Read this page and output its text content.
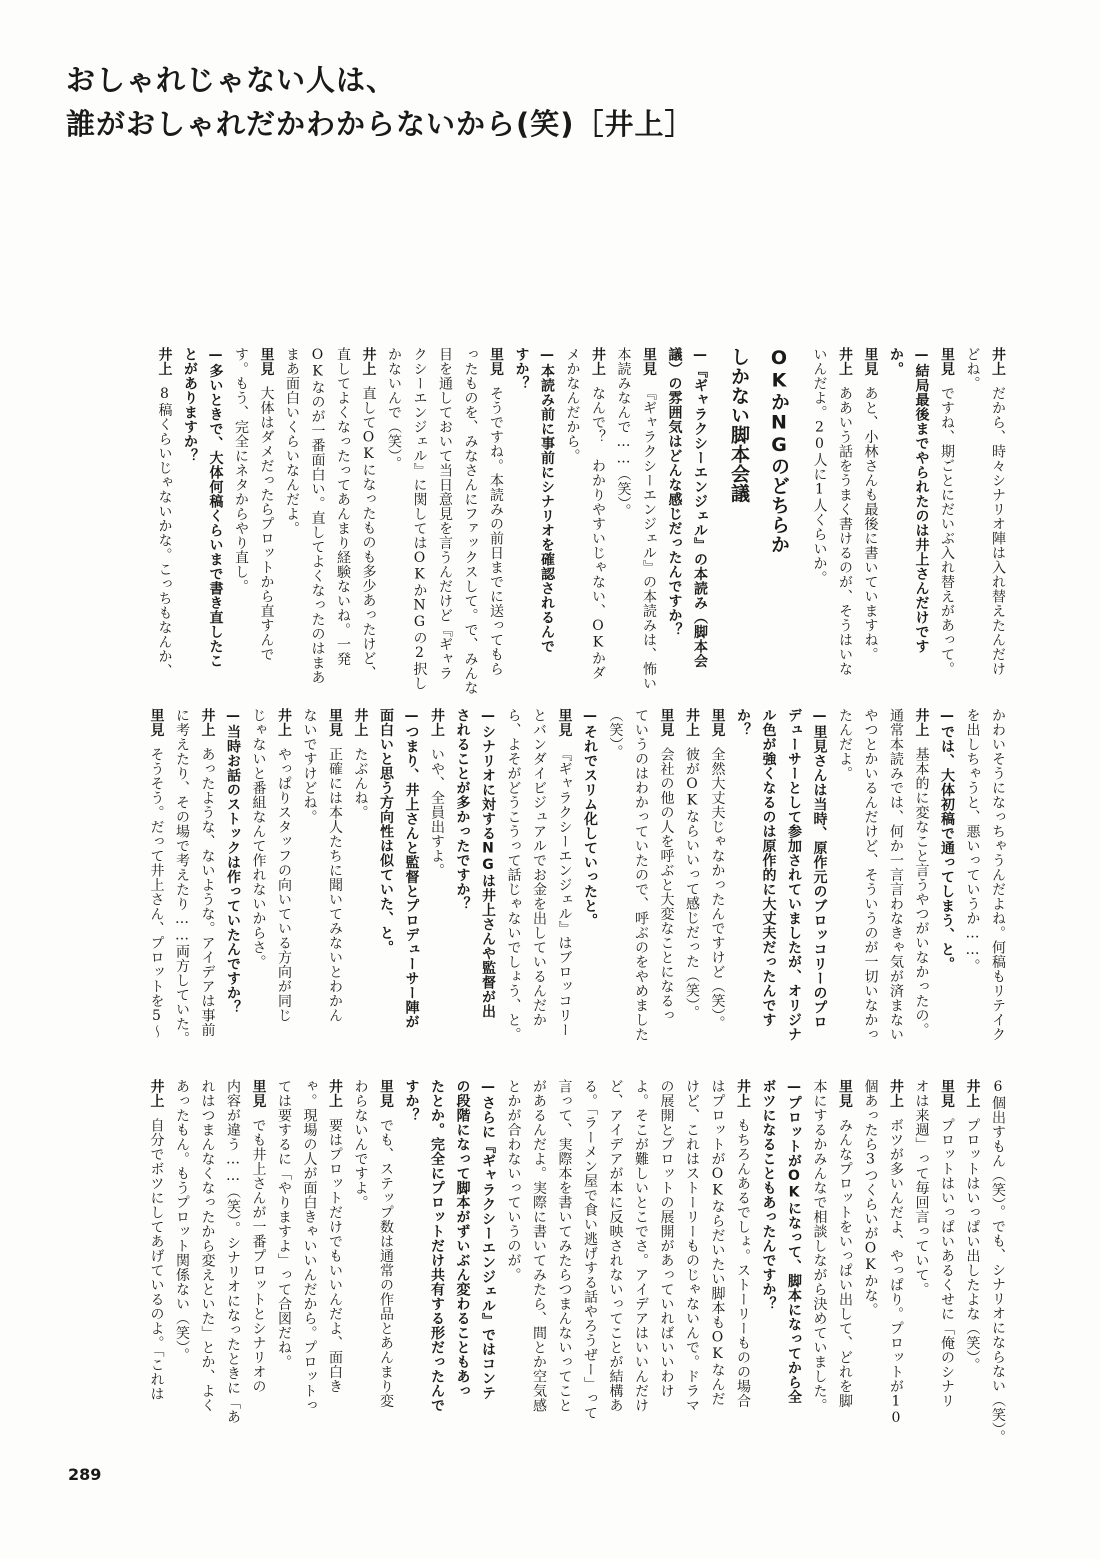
おしゃれじゃない人は、
誰がおしゃれだかわからないから(笑)［井上］
井上だから、時々シナリオ陣は入れ替えたんだけ
どね。
里見ですね、期ごとにだいぶ入れ替えがあって。
—結局最後までやられたのは井上さんだけです
か。
里見あと、小林さんも最後に書いていますね。
井上ああいう話をうまく書けるのが、そうはいな
いんだよ。20人に1人くらいか。
OKかNGのどちらか
しかない脚本会議
—『ギャラクシーエンジェル』の本読み（脚本会
議）の雰囲気はどんな感じだったんですか？
里見『ギャラクシーエンジェル』の本読みは、怖い
本読みなんで……（笑）。
井上なんで？　わかりやすいじゃない、OKかダ
メかなんだから。
—本読み前に事前にシナリオを確認されるんで
すか？
里見そうですね。本読みの前日までに送ってもら
ったものを、みなさんにファックスして。で、みんな
目を通しておいて当日意見を言うんだけど『ギャラ
クシーエンジェル』に関してはOKかNGの2択し
かないんで（笑）。
井上直してOKになったものも多少あったけど、
直してよくなったってあんまり経験ないね。一発
OKなのが一番面白い。直してよくなったのはまあ
まあ面白いくらいなんだよ。
里見大体はダメだったらプロットから直すんで
す。もう、完全にネタからやり直し。
—多いときで、大体何稿くらいまで書き直したこ
とがありますか？
井上8稿くらいじゃないかな。こっちもなんか、
かわいそうになっちゃうんだよね。何稿もリテイク
を出しちゃうと、悪いっていうか……。
—では、大体初稿で通ってしまう、と。
井上基本的に変なこと言うやつがいなかったの。
通常本読みでは、何か一言言わなきゃ気が済まない
やつとかいるんだけど、そういうのが一切いなかっ
たんだよ。
—里見さんは当時、原作元のブロッコリーのプロ
デューサーとして参加されていましたが、オリジナ
ル色が強くなるのは原作的に大丈夫だったんです
か？
里見全然大丈夫じゃなかったんですけど（笑）。
井上彼がOKならいいって感じだった（笑）。
里見会社の他の人を呼ぶと大変なことになるっ
ていうのはわかっていたので、呼ぶのをやめました
（笑）。
—それでスリム化していったと。
里見『ギャラクシーエンジェル』はブロッコリー
とバンダイビジュアルでお金を出しているんだか
ら、よそがどうこうって話じゃないでしょう、と。
—シナリオに対するNGは井上さんや監督が出
されることが多かったですか？
井上いや、全員出すよ。
—つまり、井上さんと監督とプロデューサー陣が
面白いと思う方向性は似ていた、と。
井上たぶんね。
里見正確には本人たちに聞いてみないとわかん
ないですけどね。
井上やっぱりスタッフの向いている方向が同じ
じゃないと番組なんて作れないからさ。
—当時お話のストックは作っていたんですか？
井上あったような、ないような。アイデアは事前
に考えたり、その場で考えたり……両方していた。
里見そうそう。だって井上さん、プロットを5〜
6個出すもん（笑）。でも、シナリオにならない（笑）。
井上プロットはいっぱい出したよな（笑）。
里見プロットはいっぱいあるくせに「俺のシナリ
オは来週」って毎回言っていて。
井上ボツが多いんだよ、やっぱり。プロットが10
個あったら3つくらいがOKかな。
里見みんなプロットをいっぱい出して、どれを脚
本にするかみんなで相談しながら決めていました。
—プロットがOKになって、脚本になってから全
ボツになることもあったんですか？
井上もちろんあるでしょ。ストーリーものの場合
はプロットがOKならだいたい脚本もOKなんだ
けど、これはストーリーものじゃないんで。ドラマ
の展開とプロットの展開があっていればいいわけ
よ。そこが難しいとこでさ。アイデアはいいんだけ
ど、アイデアが本に反映されないってことが結構あ
る。「ラーメン屋で食い逃げする話やろうぜー」って
言って、実際本を書いてみたらつまんないってこと
があるんだよ。実際に書いてみたら、間とか空気感
とかが合わないっていうのが。
—さらに『ギャラクシーエンジェル』ではコンテ
の段階になって脚本がずいぶん変わることもあっ
たとか。完全にプロットだけ共有する形だったんで
すか？
里見でも、ステップ数は通常の作品とあんまり変
わらないんですよ。
井上要はプロットだけでもいいんだよ、面白き
ゃ。現場の人が面白きゃいいんだから。プロットっ
ては要するに「やりますよ」って合図だね。
里見でも井上さんが一番プロットとシナリオの
内容が違う……（笑）。シナリオになったときに「あ
れはつまんなくなったから変えといた」とか、よく
あったもん。もうプロット関係ない（笑）。
井上自分でボツにしてあげているのよ。「これは
289
